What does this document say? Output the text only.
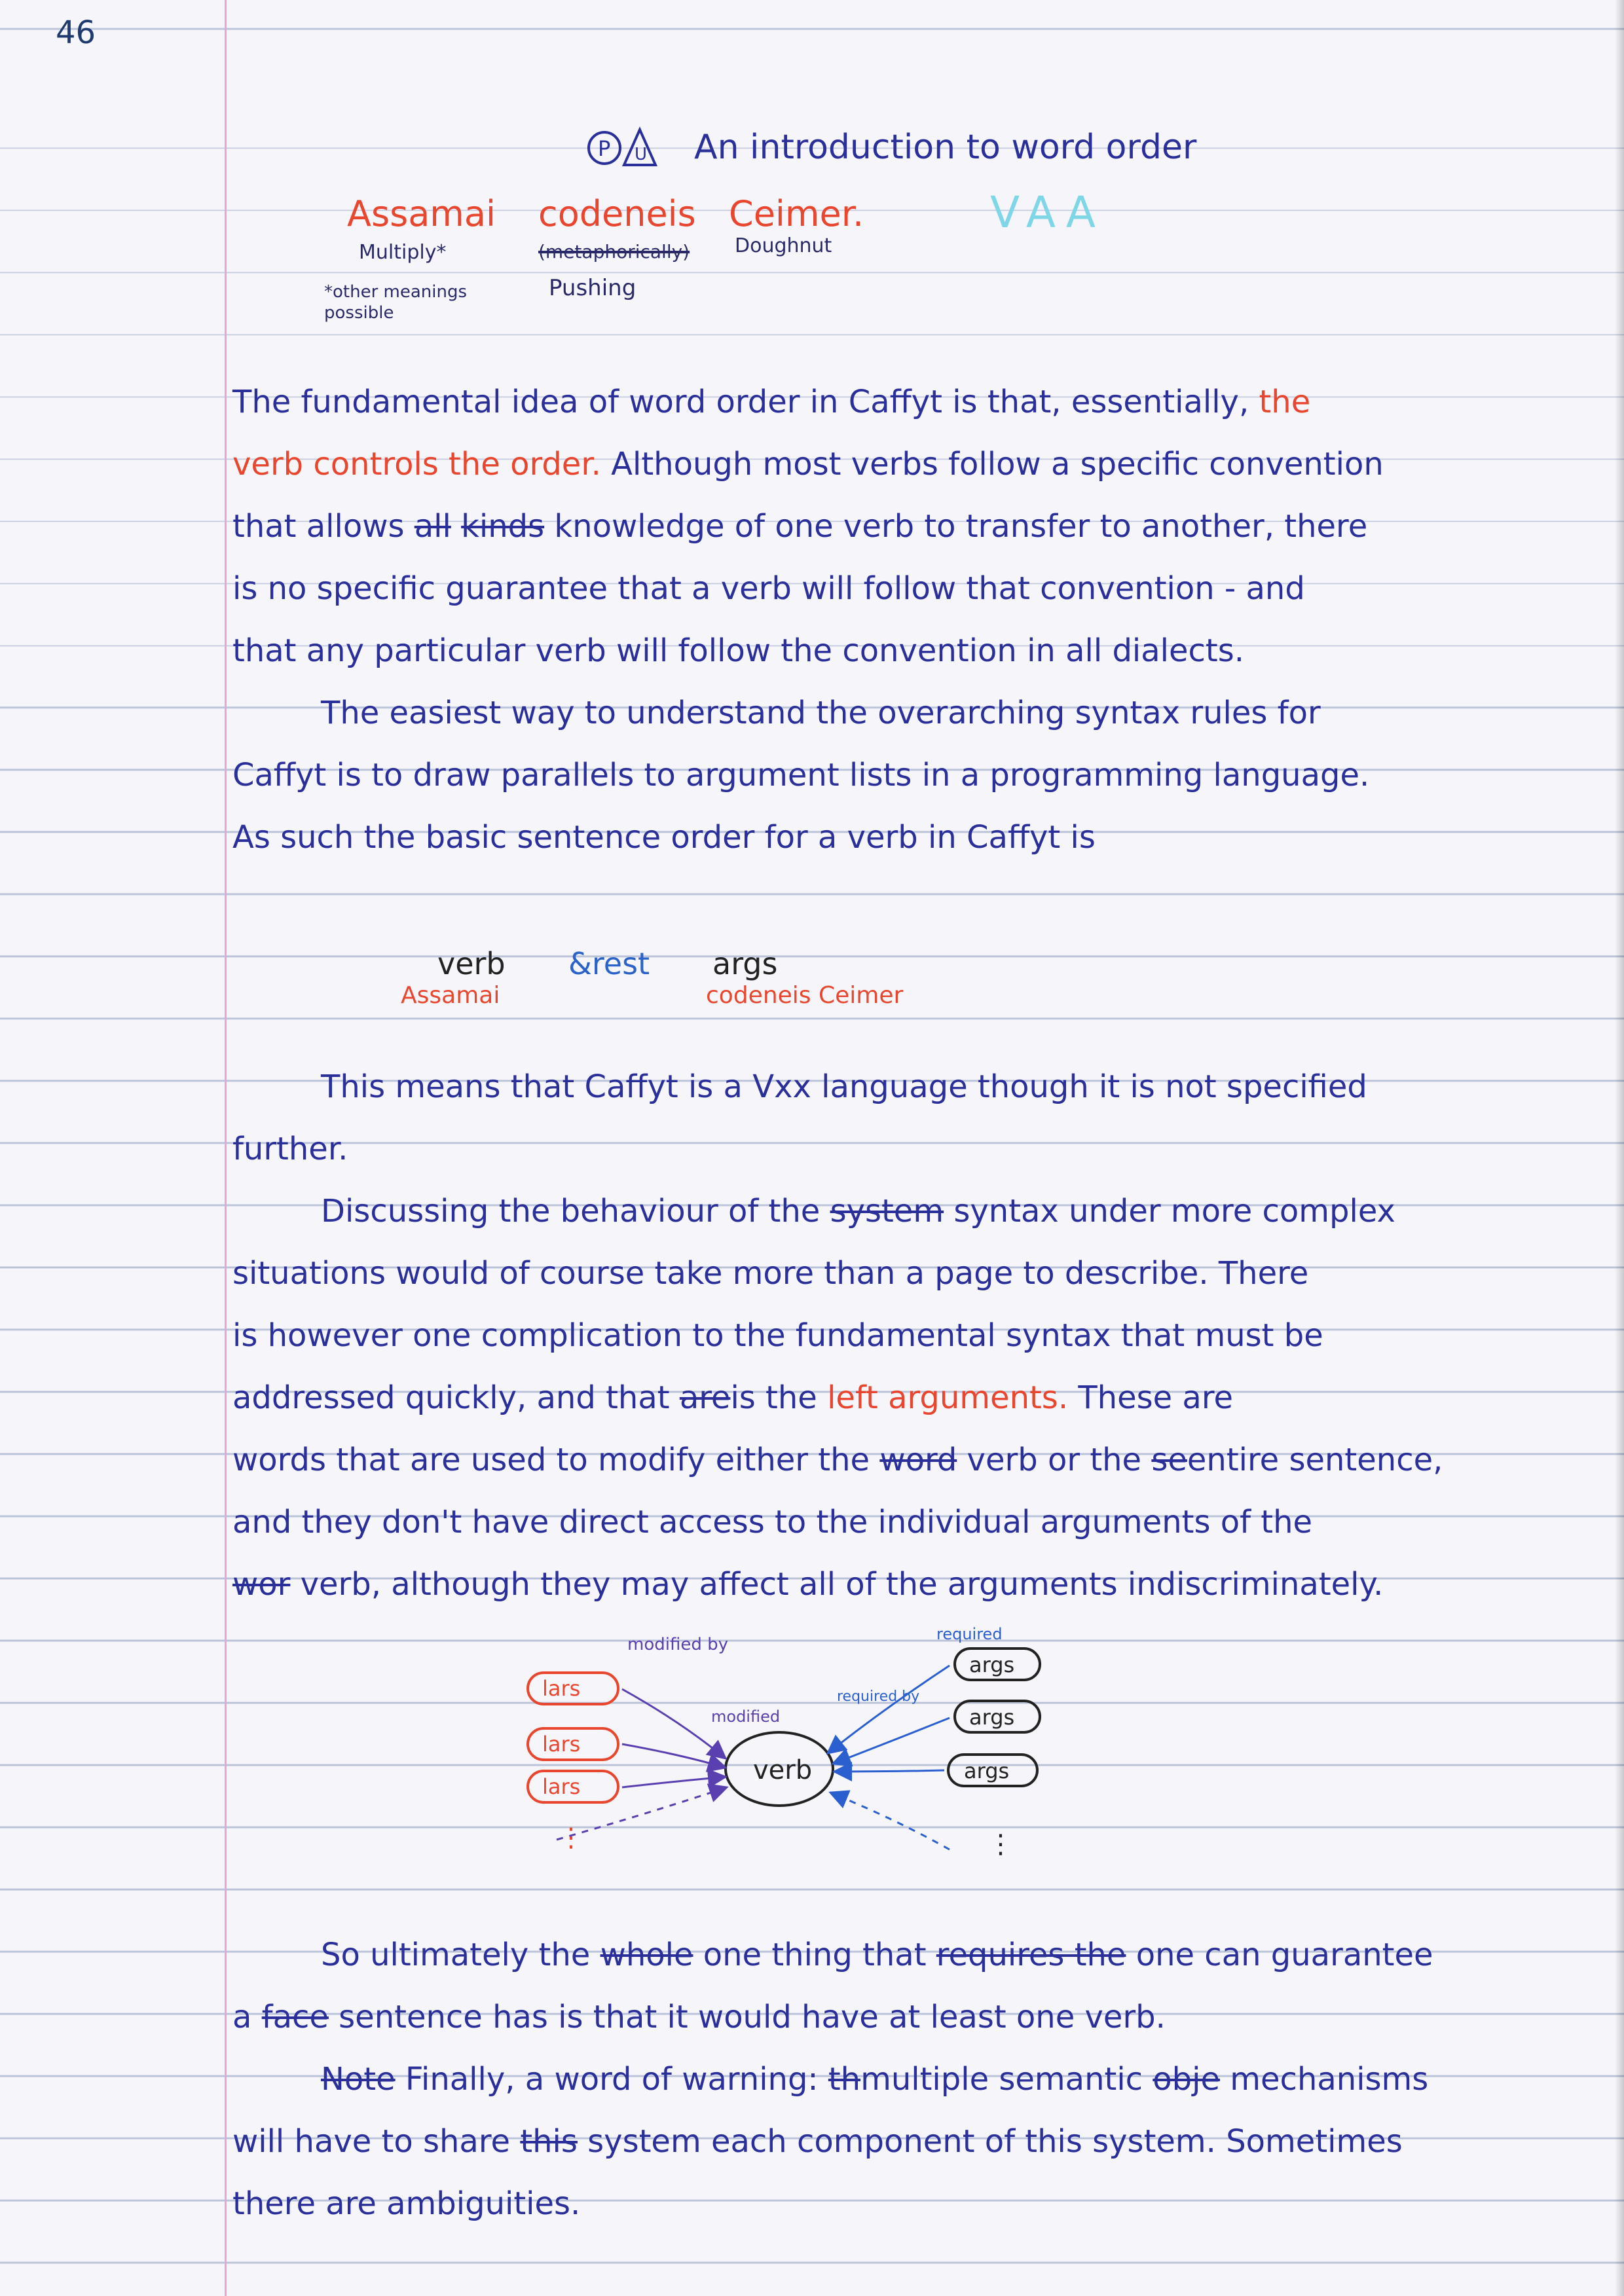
46
P U An introduction to word order
Assamai
Multiply*
*other meanings possible
codeneis
(metaphorically)
Pushing
Ceimer.
Doughnut
VAA
The fundamental idea of word order in Caffyt is that, essentially, the
verb controls the order. Although most verbs follow a specific convention
that allows all kinds knowledge of one verb to transfer to another, there
is no specific guarantee that a verb will follow that convention - and
that any particular verb will follow the convention in all dialects.
The easiest way to understand the overarching syntax rules for
Caffyt is to draw parallels to argument lists in a programming language.
As such the basic sentence order for a verb in Caffyt is
verb &rest args
Assamai	codeneis Ceimer
This means that Caffyt is a Vxx language though it is not specified
further.
Discussing the behaviour of the system syntax under more complex
situations would of course take more than a page to describe. There
is however one complication to the fundamental syntax that must be
addressed quickly, and that areis the left arguments. These are
words that are used to modify either the word verb or the seentire sentence,
and they don't have direct access to the individual arguments of the
wor verb, although they may affect all of the arguments indiscriminately.
verb
lars
lars
lars
⋮
args
args
args
⋮
modified by
modified
required by
required
So ultimately the whole one thing that requires the one can guarantee
a face sentence has is that it would have at least one verb.
Note Finally, a word of warning: thmultiple semantic obje mechanisms
will have to share this system each component of this system. Sometimes
there are ambiguities.
